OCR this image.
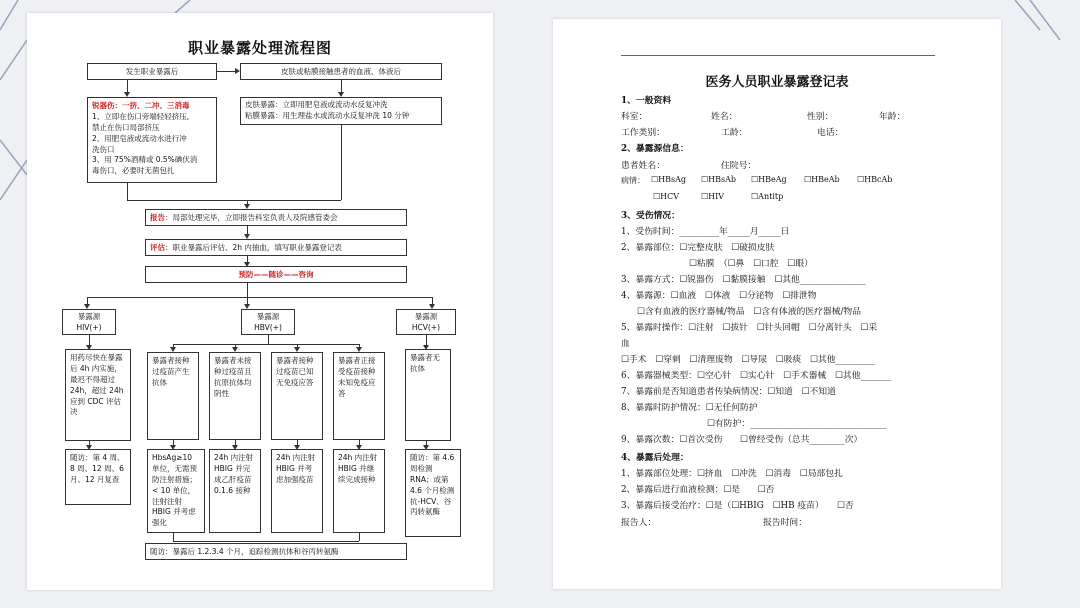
职业暴露处理流程图
发生职业暴露后	皮肤或粘膜接触患者的血液、体液后
锐器伤：一挤、二冲、三消毒
1、立即在伤口旁端轻轻挤压,
禁止在伤口局部挤压
2、用肥皂液或流动水进行冲
洗伤口
3、用 75%酒精或 0.5%碘伏消
毒伤口，必要时无菌包扎
皮肤暴露：立即用肥皂液或流动水反复冲洗
粘膜暴露：用生理盐水或流动水反复冲洗 10 分钟
报告：局部处理完毕，立即报告科室负责人及院感管委会
评估：职业暴露后评估、2h 内抽血，填写职业暴露登记表
预防——随诊——咨询
暴露源
HIV(+)
暴露源
HBV(+)
暴露源
HCV(+)
用药尽快在暴露后 4h 内实施，最迟不得超过 24h，超过 24h 应到 CDC 评估决
随访：第 4 周、8 周、12 周、6 月、12 月复查
暴露者接种过疫苗产生抗体
暴露者未接种过疫苗且抗原抗体均阴性
暴露者接种过疫苗已知无免疫应答
暴露者正接受疫苗接种未知免疫应答
HbsAg≥10 单位，无需预防注射措施；< 10 单位，注射注射 HBIG 并考虑强化
24h 内注射 HBIG 并完成乙肝疫苗 0.1.6 接种
24h 内注射 HBIG 并考虑加强疫苗
24h 内注射 HBIG 并继续完成接种
随访：暴露后 1.2.3.4 个月，追踪检测抗体和谷丙转氨酶
暴露者无抗体
随访：第 4.6 周检测 RNA；或第 4.6 个月检测抗-HCV、谷丙转氨酶
医务人员职业暴露登记表
1、一般资料
科室：	姓名：	性别：	年龄：
工作类别：	工龄：	电话：
2、暴露源信息：
患者姓名：	住院号：
病情： ☐HBsAg ☐HBsAb ☐HBeAg ☐HBeAb ☐HBcAb
☐HCV	☐HIV	☐Antitp
3、受伤情况：
1、受伤时间：_________年_____月_____日
2、暴露部位：☐完整皮肤　☐破损皮肤
☐粘膜　（☐鼻　☐口腔　☐眼）
3、暴露方式：☐锐器伤　☐黏膜接触　☐其他_______________
4、暴露源：☐血液　☐体液　☐分泌物　☐排泄物
☐含有血液的医疗器械/物品　☐含有体液的医疗器械/物品
5、暴露时操作：☐注射　☐拔针　☐针头回帽　☐分离针头　☐采
血
☐手术　☐穿刺　☐清理废物　☐导尿　☐吸痰　☐其他_________
6、暴露器械类型：☐空心针　☐实心针　☐手术器械　☐其他_______
7、暴露前是否知道患者传染病情况：☐知道　☐不知道
8、暴露时防护情况：☐无任何防护
☐有防护：_______________________________
9、暴露次数：☐首次受伤　　☐曾经受伤（总共________次）
4、暴露后处理：
1、暴露部位处理：☐挤血　☐冲洗　☐消毒　☐局部包扎
2、暴露后进行血液检测：☐是　　☐否
3、暴露后接受治疗：☐是（☐HBIG　☐HB 疫苗）　　☐否
报告人：	报告时间：
